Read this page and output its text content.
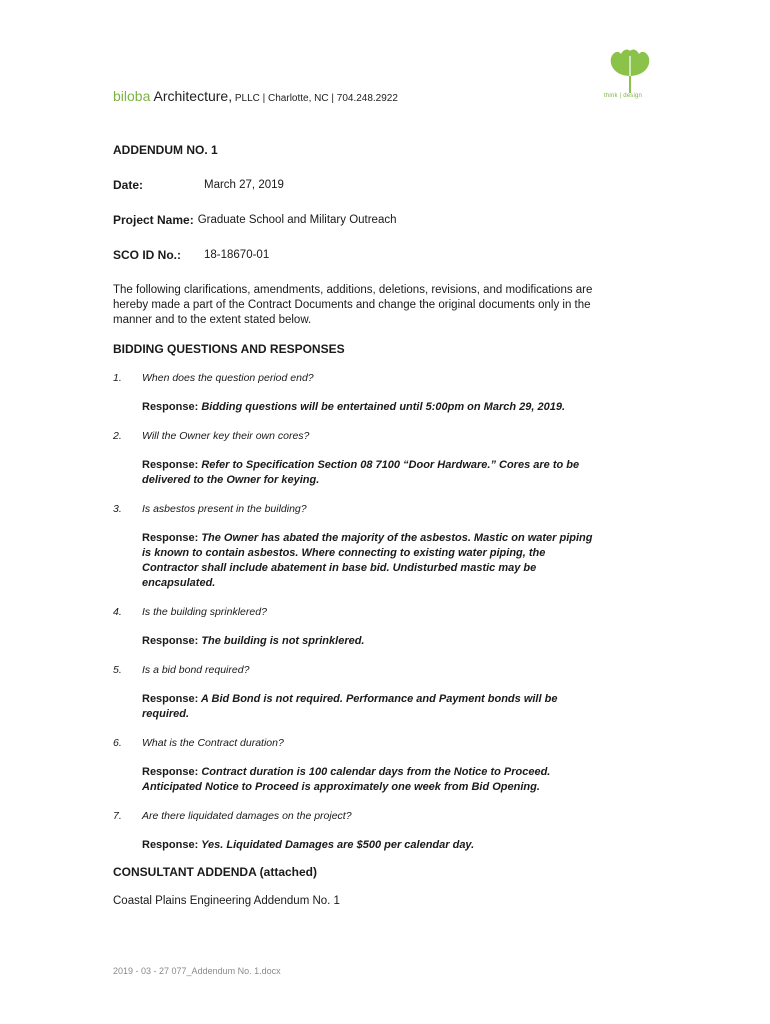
biloba Architecture, PLLC | Charlotte, NC | 704.248.2922	think | design
ADDENDUM NO. 1
Date:	March 27, 2019
Project Name: Graduate School and Military Outreach
SCO ID No.:	18-18670-01
The following clarifications, amendments, additions, deletions, revisions, and modifications are hereby made a part of the Contract Documents and change the original documents only in the manner and to the extent stated below.
BIDDING QUESTIONS AND RESPONSES
1.	When does the question period end?
Response: Bidding questions will be entertained until 5:00pm on March 29, 2019.
2.	Will the Owner key their own cores?
Response: Refer to Specification Section 08 7100 “Door Hardware.” Cores are to be delivered to the Owner for keying.
3.	Is asbestos present in the building?
Response: The Owner has abated the majority of the asbestos. Mastic on water piping is known to contain asbestos. Where connecting to existing water piping, the Contractor shall include abatement in base bid. Undisturbed mastic may be encapsulated.
4.	Is the building sprinklered?
Response: The building is not sprinklered.
5.	Is a bid bond required?
Response: A Bid Bond is not required. Performance and Payment bonds will be required.
6.	What is the Contract duration?
Response: Contract duration is 100 calendar days from the Notice to Proceed. Anticipated Notice to Proceed is approximately one week from Bid Opening.
7.	Are there liquidated damages on the project?
Response: Yes. Liquidated Damages are $500 per calendar day.
CONSULTANT ADDENDA (attached)
Coastal Plains Engineering Addendum No. 1
2019 - 03 - 27 077_Addendum No. 1.docx
